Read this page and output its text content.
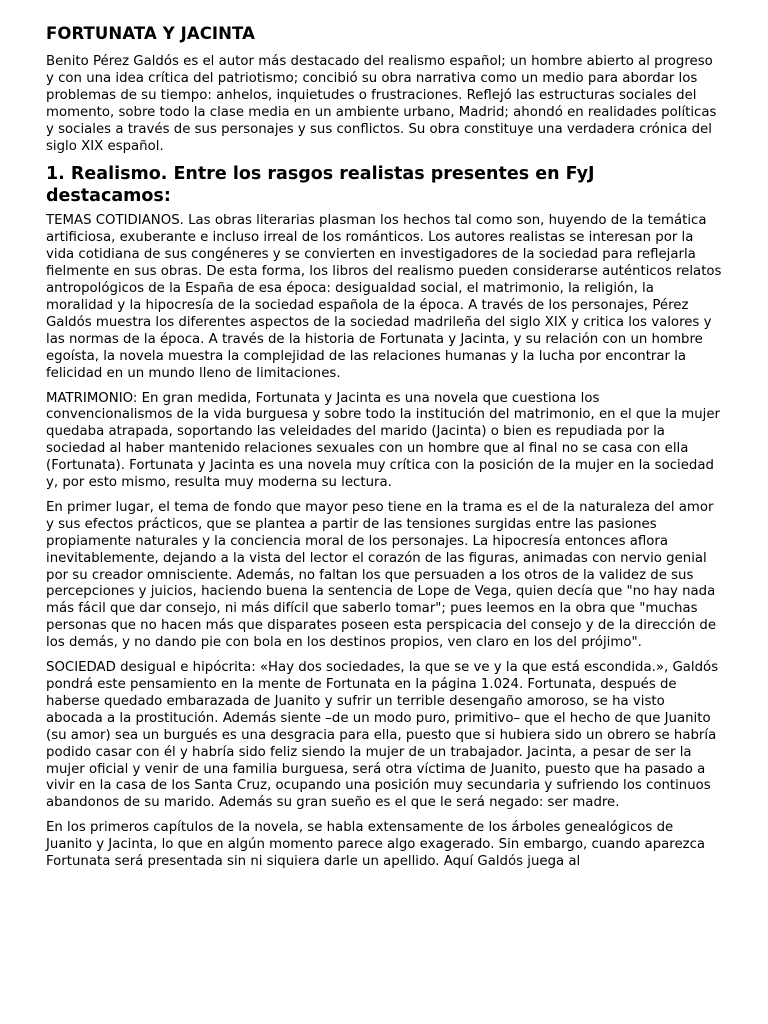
FORTUNATA Y JACINTA

Benito Pérez Galdós es el autor más destacado del realismo español; un hombre abierto al progreso y con una idea crítica del patriotismo; concibió su obra narrativa como un medio para abordar los problemas de su tiempo: anhelos, inquietudes o frustraciones. Reflejó las estructuras sociales del momento, sobre todo la clase media en un ambiente urbano, Madrid; ahondó en realidades políticas y sociales a través de sus personajes y sus conflictos. Su obra constituye una verdadera crónica del siglo XIX español.

1. Realismo. Entre los rasgos realistas presentes en FyJ destacamos:

TEMAS COTIDIANOS. Las obras literarias plasman los hechos tal como son, huyendo de la temática artificiosa, exuberante e incluso irreal de los románticos. Los autores realistas se interesan por la vida cotidiana de sus congéneres y se convierten en investigadores de la sociedad para reflejarla fielmente en sus obras. De esta forma, los libros del realismo pueden considerarse auténticos relatos antropológicos de la España de esa época: desigualdad social, el matrimonio, la religión, la moralidad y la hipocresía de la sociedad española de la época. A través de los personajes, Pérez Galdós muestra los diferentes aspectos de la sociedad madrileña del siglo XIX y critica los valores y las normas de la época. A través de la historia de Fortunata y Jacinta, y su relación con un hombre egoísta, la novela muestra la complejidad de las relaciones humanas y la lucha por encontrar la felicidad en un mundo lleno de limitaciones.

MATRIMONIO: En gran medida, Fortunata y Jacinta es una novela que cuestiona los convencionalismos de la vida burguesa y sobre todo la institución del matrimonio, en el que la mujer quedaba atrapada, soportando las veleidades del marido (Jacinta) o bien es repudiada por la sociedad al haber mantenido relaciones sexuales con un hombre que al final no se casa con ella (Fortunata). Fortunata y Jacinta es una novela muy crítica con la posición de la mujer en la sociedad y, por esto mismo, resulta muy moderna su lectura.

En primer lugar, el tema de fondo que mayor peso tiene en la trama es el de la naturaleza del amor y sus efectos prácticos, que se plantea a partir de las tensiones surgidas entre las pasiones propiamente naturales y la conciencia moral de los personajes. La hipocresía entonces aflora inevitablemente, dejando a la vista del lector el corazón de las figuras, animadas con nervio genial por su creador omnisciente. Además, no faltan los que persuaden a los otros de la validez de sus percepciones y juicios, haciendo buena la sentencia de Lope de Vega, quien decía que "no hay nada más fácil que dar consejo, ni más difícil que saberlo tomar"; pues leemos en la obra que "muchas personas que no hacen más que disparates poseen esta perspicacia del consejo y de la dirección de los demás, y no dando pie con bola en los destinos propios, ven claro en los del prójimo".

SOCIEDAD desigual e hipócrita: «Hay dos sociedades, la que se ve y la que está escondida.», Galdós pondrá este pensamiento en la mente de Fortunata en la página 1.024. Fortunata, después de haberse quedado embarazada de Juanito y sufrir un terrible desengaño amoroso, se ha visto abocada a la prostitución. Además siente –de un modo puro, primitivo– que el hecho de que Juanito (su amor) sea un burgués es una desgracia para ella, puesto que si hubiera sido un obrero se habría podido casar con él y habría sido feliz siendo la mujer de un trabajador. Jacinta, a pesar de ser la mujer oficial y venir de una familia burguesa, será otra víctima de Juanito, puesto que ha pasado a vivir en la casa de los Santa Cruz, ocupando una posición muy secundaria y sufriendo los continuos abandonos de su marido. Además su gran sueño es el que le será negado: ser madre.

En los primeros capítulos de la novela, se habla extensamente de los árboles genealógicos de Juanito y Jacinta, lo que en algún momento parece algo exagerado. Sin embargo, cuando aparezca Fortunata será presentada sin ni siquiera darle un apellido. Aquí Galdós juega al
